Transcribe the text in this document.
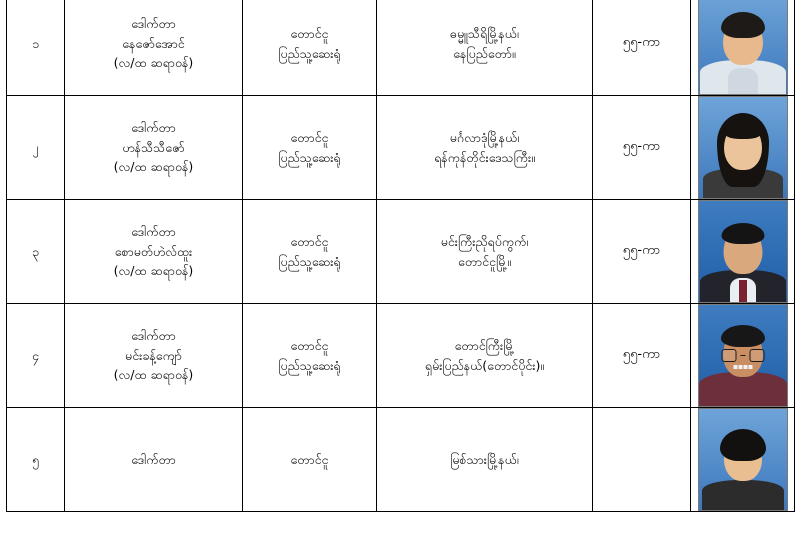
၁	ဒေါက်တာ
နေဇော်အောင်
(လ/ထ ဆရာဝန်)	တောင်ငူ
ပြည်သူ့ဆေးရုံ	ဓမ္မူသီရိမြို့နယ်၊
နေပြည်တော်။	၅၅-ကာ	

၂	ဒေါက်တာ
ဟန်သီသီဇော်
(လ/ထ ဆရာဝန်)	တောင်ငူ
ပြည်သူ့ဆေးရုံ	မင်္ဂလာဒုံမြို့နယ်၊
ရန်ကုန်တိုင်းဒေသကြီး။	၅၅-ကာ	

၃	ဒေါက်တာ
စောမတ်ဟဲလ်ထူး
(လ/ထ ဆရာဝန်)	တောင်ငူ
ပြည်သူ့ဆေးရုံ	မင်းကြီးညိုရပ်ကွက်၊
တောင်ငူမြို့။	၅၅-ကာ	

၄	ဒေါက်တာ
မင်းခန့်ကျော်
(လ/ထ ဆရာဝန်)	တောင်ငူ
ပြည်သူ့ဆေးရုံ	တောင်ကြီးမြို့
ရှမ်းပြည်နယ်(တောင်ပိုင်း)။	၅၅-ကာ	

၅	ဒေါက်တာ	တောင်ငူ	မြစ်သားမြို့နယ်၊		
